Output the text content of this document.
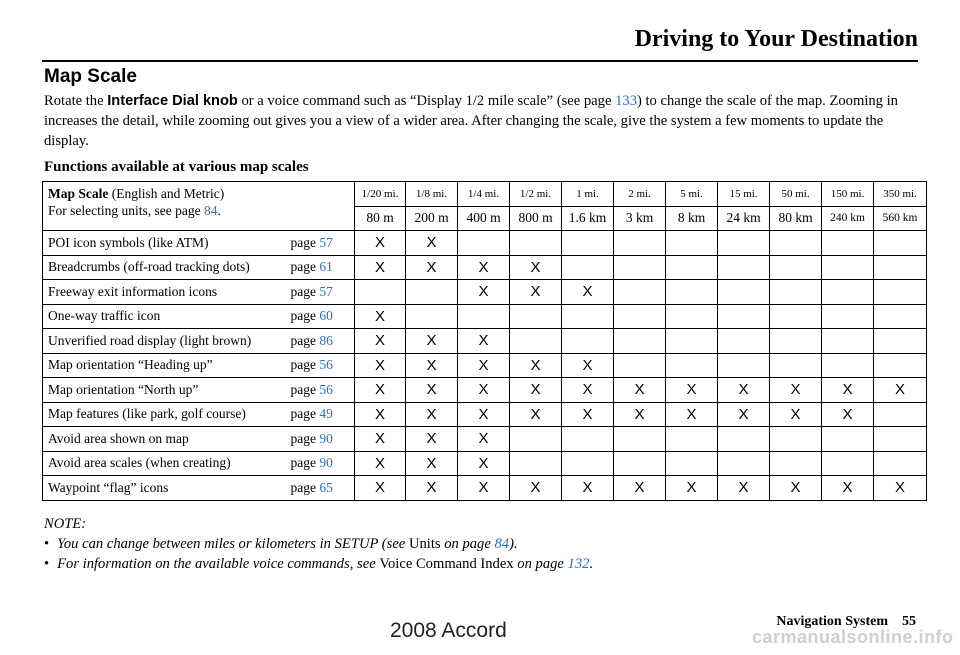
Driving to Your Destination
Map Scale
Rotate the Interface Dial knob or a voice command such as “Display 1/2 mile scale” (see page 133) to change the scale of the map. Zooming in increases the detail, while zooming out gives you a view of a wider area. After changing the scale, give the system a few moments to update the display.
Functions available at various map scales
Map Scale (English and Metric)
For selecting units, see page 84.		1/20 mi.	1/8 mi.	1/4 mi.	1/2 mi.	1 mi.	2 mi.	5 mi.	15 mi.	50 mi.	150 mi.	350 mi.
		80 m	200 m	400 m	800 m	1.6 km	3 km	8 km	24 km	80 km	240 km	560 km
POI icon symbols (like ATM)	page 57	X	X									
Breadcrumbs (off-road tracking dots)	page 61	X	X	X	X							
Freeway exit information icons	page 57			X	X	X						
One-way traffic icon	page 60	X										
Unverified road display (light brown)	page 86	X	X	X								
Map orientation “Heading up”	page 56	X	X	X	X	X						
Map orientation “North up”	page 56	X	X	X	X	X	X	X	X	X	X	X
Map features (like park, golf course)	page 49	X	X	X	X	X	X	X	X	X	X	
Avoid area shown on map	page 90	X	X	X								
Avoid area scales (when creating)	page 90	X	X	X								
Waypoint “flag” icons	page 65	X	X	X	X	X	X	X	X	X	X	X
NOTE:
• You can change between miles or kilometers in SETUP (see Units on page 84).
• For information on the available voice commands, see Voice Command Index on page 132.
Navigation System 55
2008 Accord	carmanualsonline.info
